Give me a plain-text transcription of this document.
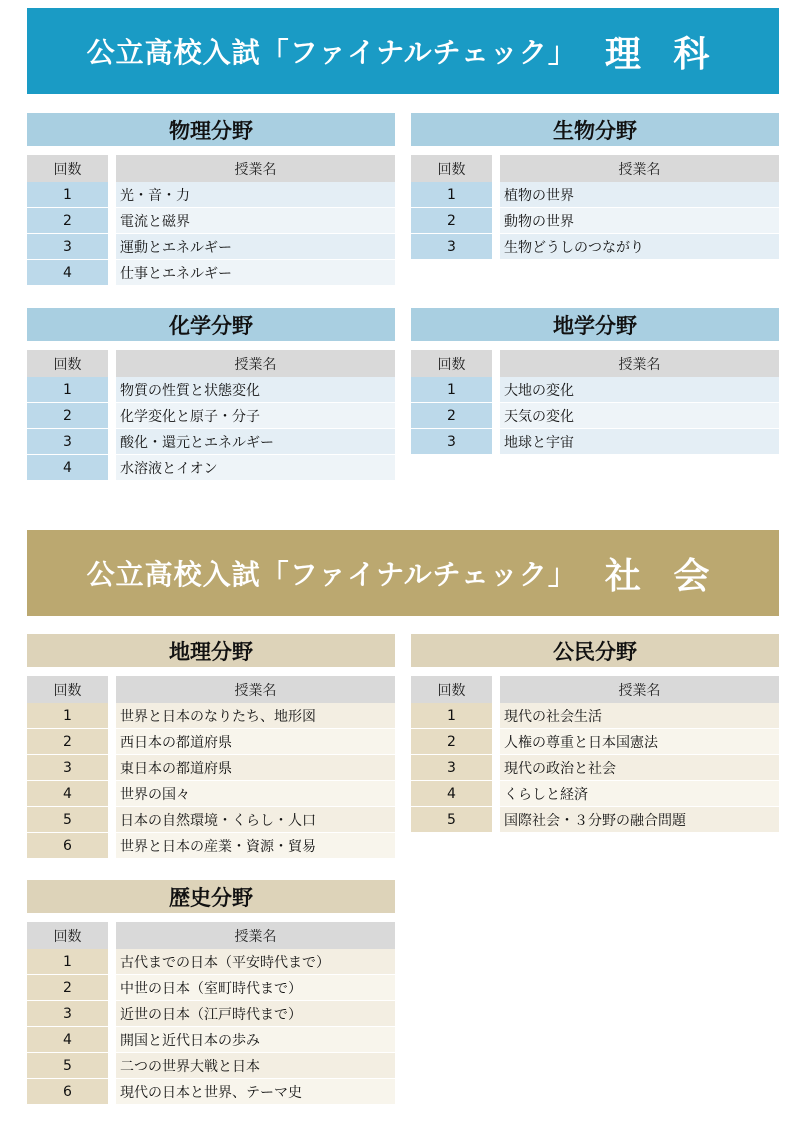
公立高校入試「ファイナルチェック」 理 科
物理分野
回数	授業名
1	光・音・力
2	電流と磁界
3	運動とエネルギー
4	仕事とエネルギー
生物分野
回数	授業名
1	植物の世界
2	動物の世界
3	生物どうしのつながり
化学分野
回数	授業名
1	物質の性質と状態変化
2	化学変化と原子・分子
3	酸化・還元とエネルギー
4	水溶液とイオン
地学分野
回数	授業名
1	大地の変化
2	天気の変化
3	地球と宇宙
公立高校入試「ファイナルチェック」 社 会
地理分野
回数	授業名
1	世界と日本のなりたち、地形図
2	西日本の都道府県
3	東日本の都道府県
4	世界の国々
5	日本の自然環境・くらし・人口
6	世界と日本の産業・資源・貿易
公民分野
回数	授業名
1	現代の社会生活
2	人権の尊重と日本国憲法
3	現代の政治と社会
4	くらしと経済
5	国際社会・３分野の融合問題
歴史分野
回数	授業名
1	古代までの日本（平安時代まで）
2	中世の日本（室町時代まで）
3	近世の日本（江戸時代まで）
4	開国と近代日本の歩み
5	二つの世界大戦と日本
6	現代の日本と世界、テーマ史
